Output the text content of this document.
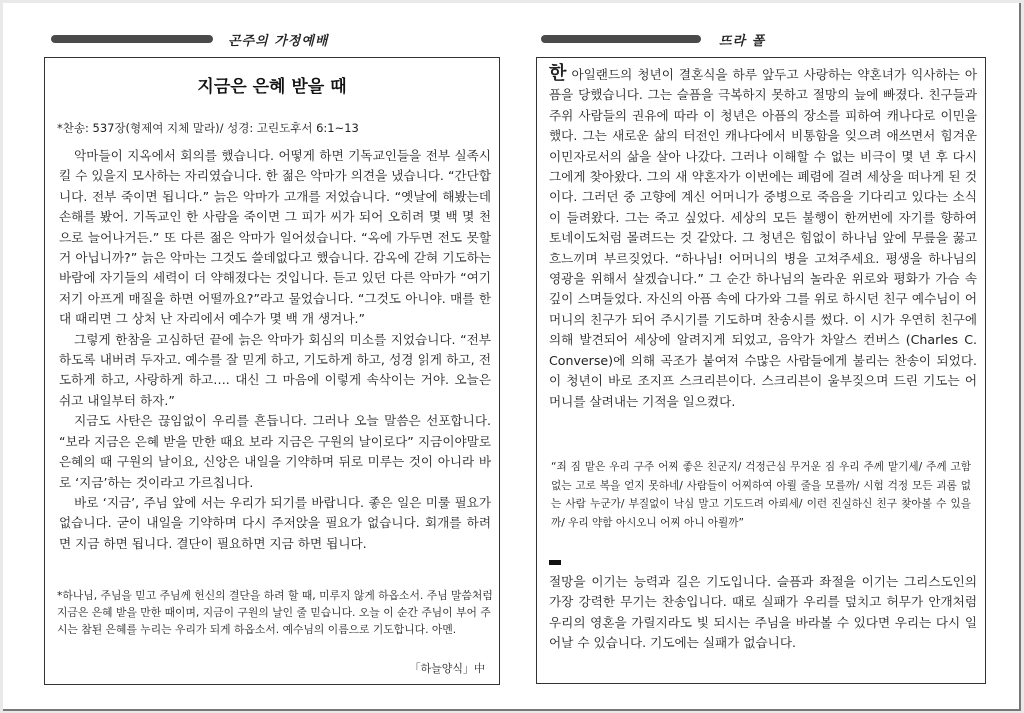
곤주의 가정예배	뜨라 폴
지금은 은혜 받을 때
*찬송: 537장(형제여 지체 말라)/ 성경: 고린도후서 6:1~13

악마들이 지옥에서 회의를 했습니다. 어떻게 하면 기독교인들을 전부 실족시킬 수 있을지 모사하는 자리였습니다. 한 젊은 악마가 의견을 냈습니다. “간단합니다. 전부 죽이면 됩니다.” 늙은 악마가 고개를 저었습니다. “옛날에 해봤는데 손해를 봤어. 기독교인 한 사람을 죽이면 그 피가 씨가 되어 오히려 몇 백 몇 천으로 늘어나거든.” 또 다른 젊은 악마가 일어섰습니다. “옥에 가두면 전도 못할 거 아닙니까?” 늙은 악마는 그것도 쓸데없다고 했습니다. 감옥에 갇혀 기도하는 바람에 자기들의 세력이 더 약해졌다는 것입니다. 듣고 있던 다른 악마가 “여기저기 아프게 매질을 하면 어떨까요?”라고 물었습니다. “그것도 아니야. 매를 한 대 때리면 그 상처 난 자리에서 예수가 몇 백 개 생겨나.”

그렇게 한참을 고심하던 끝에 늙은 악마가 회심의 미소를 지었습니다. “전부 하도록 내버려 두자고. 예수를 잘 믿게 하고, 기도하게 하고, 성경 읽게 하고, 전도하게 하고, 사랑하게 하고…. 대신 그 마음에 이렇게 속삭이는 거야. 오늘은 쉬고 내일부터 하자.”

지금도 사탄은 끊임없이 우리를 흔듭니다. 그러나 오늘 말씀은 선포합니다. “보라 지금은 은혜 받을 만한 때요 보라 지금은 구원의 날이로다” 지금이야말로 은혜의 때 구원의 날이요, 신앙은 내일을 기약하며 뒤로 미루는 것이 아니라 바로 ‘지금’하는 것이라고 가르칩니다.

바로 ‘지금’, 주님 앞에 서는 우리가 되기를 바랍니다. 좋은 일은 미룰 필요가 없습니다. 굳이 내일을 기약하며 다시 주저앉을 필요가 없습니다. 회개를 하려면 지금 하면 됩니다. 결단이 필요하면 지금 하면 됩니다.

*하나님, 주님을 믿고 주님께 헌신의 결단을 하려 할 때, 미루지 않게 하옵소서. 주님 말씀처럼 지금은 은혜 받을 만한 때이며, 지금이 구원의 날인 줄 믿습니다. 오늘 이 순간 주님이 부어 주시는 참된 은혜를 누리는 우리가 되게 하옵소서. 예수님의 이름으로 기도합니다. 아멘.
「하늘양식」中
한 아일랜드의 청년이 결혼식을 하루 앞두고 사랑하는 약혼녀가 익사하는 아픔을 당했습니다. 그는 슬픔을 극복하지 못하고 절망의 늪에 빠졌다. 친구들과 주위 사람들의 권유에 따라 이 청년은 아픔의 장소를 피하여 캐나다로 이민을 했다. 그는 새로운 삶의 터전인 캐나다에서 비통함을 잊으려 애쓰면서 힘겨운 이민자로서의 삶을 살아 나갔다. 그러나 이해할 수 없는 비극이 몇 년 후 다시 그에게 찾아왔다. 그의 새 약혼자가 이번에는 폐렴에 걸려 세상을 떠나게 된 것이다. 그러던 중 고향에 계신 어머니가 중병으로 죽음을 기다리고 있다는 소식이 들려왔다. 그는 죽고 싶었다. 세상의 모든 불행이 한꺼번에 자기를 향하여 토네이도처럼 몰려드는 것 같았다. 그 청년은 힘없이 하나님 앞에 무릎을 꿇고 흐느끼며 부르짖었다. “하나님! 어머니의 병을 고쳐주세요. 평생을 하나님의 영광을 위해서 살겠습니다.” 그 순간 하나님의 놀라운 위로와 평화가 가슴 속 깊이 스며들었다. 자신의 아픔 속에 다가와 그를 위로 하시던 친구 예수님이 어머니의 친구가 되어 주시기를 기도하며 찬송시를 썼다. 이 시가 우연히 친구에 의해 발견되어 세상에 알려지게 되었고, 음악가 차알스 컨버스 (Charles C. Converse)에 의해 곡조가 붙여져 수많은 사람들에게 불리는 찬송이 되었다. 이 청년이 바로 조지프 스크리븐이다. 스크리븐이 울부짖으며 드린 기도는 어머니를 살려내는 기적을 일으켰다.
“죄 짐 맡은 우리 구주 어찌 좋은 친군지/ 걱정근심 무거운 짐 우리 주께 맡기세/ 주께 고함 없는 고로 복을 얻지 못하네/ 사람들이 어찌하여 아뢸 줄을 모를까/ 시험 걱정 모든 괴롬 없는 사람 누군가/ 부질없이 낙심 말고 기도드려 아뢰세/ 이런 진실하신 친구 찾아볼 수 있을까/ 우리 약함 아시오니 어찌 아니 아뢸까”
절망을 이기는 능력과 길은 기도입니다. 슬픔과 좌절을 이기는 그리스도인의 가장 강력한 무기는 찬송입니다. 때로 실패가 우리를 덮치고 허무가 안개처럼 우리의 영혼을 가릴지라도 빛 되시는 주님을 바라볼 수 있다면 우리는 다시 일어날 수 있습니다. 기도에는 실패가 없습니다.
